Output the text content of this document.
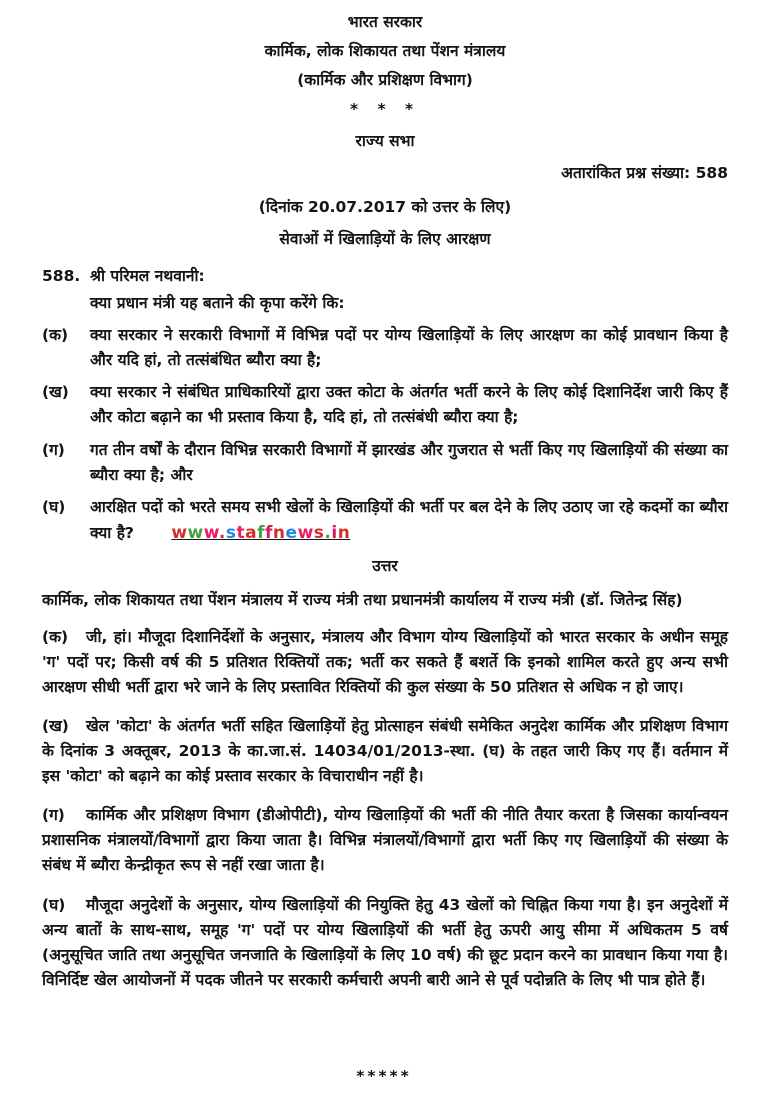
भारत सरकार
कार्मिक, लोक शिकायत तथा पेंशन मंत्रालय
(कार्मिक और प्रशिक्षण विभाग)
* * *
राज्य सभा
अतारांकित प्रश्न संख्या: 588
(दिनांक 20.07.2017 को उत्तर के लिए)
सेवाओं में खिलाड़ियों के लिए आरक्षण
588. श्री परिमल नथवानी:
क्या प्रधान मंत्री यह बताने की कृपा करेंगे कि:
(क)	क्या सरकार ने सरकारी विभागों में विभिन्न पदों पर योग्य खिलाड़ियों के लिए आरक्षण का कोई प्रावधान किया है और यदि हां, तो तत्संबंधित ब्यौरा क्या है;
(ख)	क्या सरकार ने संबंधित प्राधिकारियों द्वारा उक्त कोटा के अंतर्गत भर्ती करने के लिए कोई दिशानिर्देश जारी किए हैं और कोटा बढ़ाने का भी प्रस्ताव किया है, यदि हां, तो तत्संबंधी ब्यौरा क्या है;
(ग)	गत तीन वर्षों के दौरान विभिन्न सरकारी विभागों में झारखंड और गुजरात से भर्ती किए गए खिलाड़ियों की संख्या का ब्यौरा क्या है; और
(घ)	आरक्षित पदों को भरते समय सभी खेलों के खिलाड़ियों की भर्ती पर बल देने के लिए उठाए जा रहे कदमों का ब्यौरा क्या है? www.staffnews.in
उत्तर
कार्मिक, लोक शिकायत तथा पेंशन मंत्रालय में राज्य मंत्री तथा प्रधानमंत्री कार्यालय में राज्य मंत्री (डॉ. जितेन्द्र सिंह)

(क) जी, हां। मौजूदा दिशानिर्देशों के अनुसार, मंत्रालय और विभाग योग्य खिलाड़ियों को भारत सरकार के अधीन समूह 'ग' पदों पर; किसी वर्ष की 5 प्रतिशत रिक्तियों तक; भर्ती कर सकते हैं बशर्ते कि इनको शामिल करते हुए अन्य सभी आरक्षण सीधी भर्ती द्वारा भरे जाने के लिए प्रस्तावित रिक्तियों की कुल संख्या के 50 प्रतिशत से अधिक न हो जाए।

(ख) खेल 'कोटा' के अंतर्गत भर्ती सहित खिलाड़ियों हेतु प्रोत्साहन संबंधी समेकित अनुदेश कार्मिक और प्रशिक्षण विभाग के दिनांक 3 अक्तूबर, 2013 के का.जा.सं. 14034/01/2013-स्था. (घ) के तहत जारी किए गए हैं। वर्तमान में इस 'कोटा' को बढ़ाने का कोई प्रस्ताव सरकार के विचाराधीन नहीं है।

(ग) कार्मिक और प्रशिक्षण विभाग (डीओपीटी), योग्य खिलाड़ियों की भर्ती की नीति तैयार करता है जिसका कार्यान्वयन प्रशासनिक मंत्रालयों/विभागों द्वारा किया जाता है। विभिन्न मंत्रालयों/विभागों द्वारा भर्ती किए गए खिलाड़ियों की संख्या के संबंध में ब्यौरा केन्द्रीकृत रूप से नहीं रखा जाता है।

(घ) मौजूदा अनुदेशों के अनुसार, योग्य खिलाड़ियों की नियुक्ति हेतु 43 खेलों को चिह्नित किया गया है। इन अनुदेशों में अन्य बातों के साथ-साथ, समूह 'ग' पदों पर योग्य खिलाड़ियों की भर्ती हेतु ऊपरी आयु सीमा में अधिकतम 5 वर्ष (अनुसूचित जाति तथा अनुसूचित जनजाति के खिलाड़ियों के लिए 10 वर्ष) की छूट प्रदान करने का प्रावधान किया गया है। विनिर्दिष्ट खेल आयोजनों में पदक जीतने पर सरकारी कर्मचारी अपनी बारी आने से पूर्व पदोन्नति के लिए भी पात्र होते हैं।

*****
